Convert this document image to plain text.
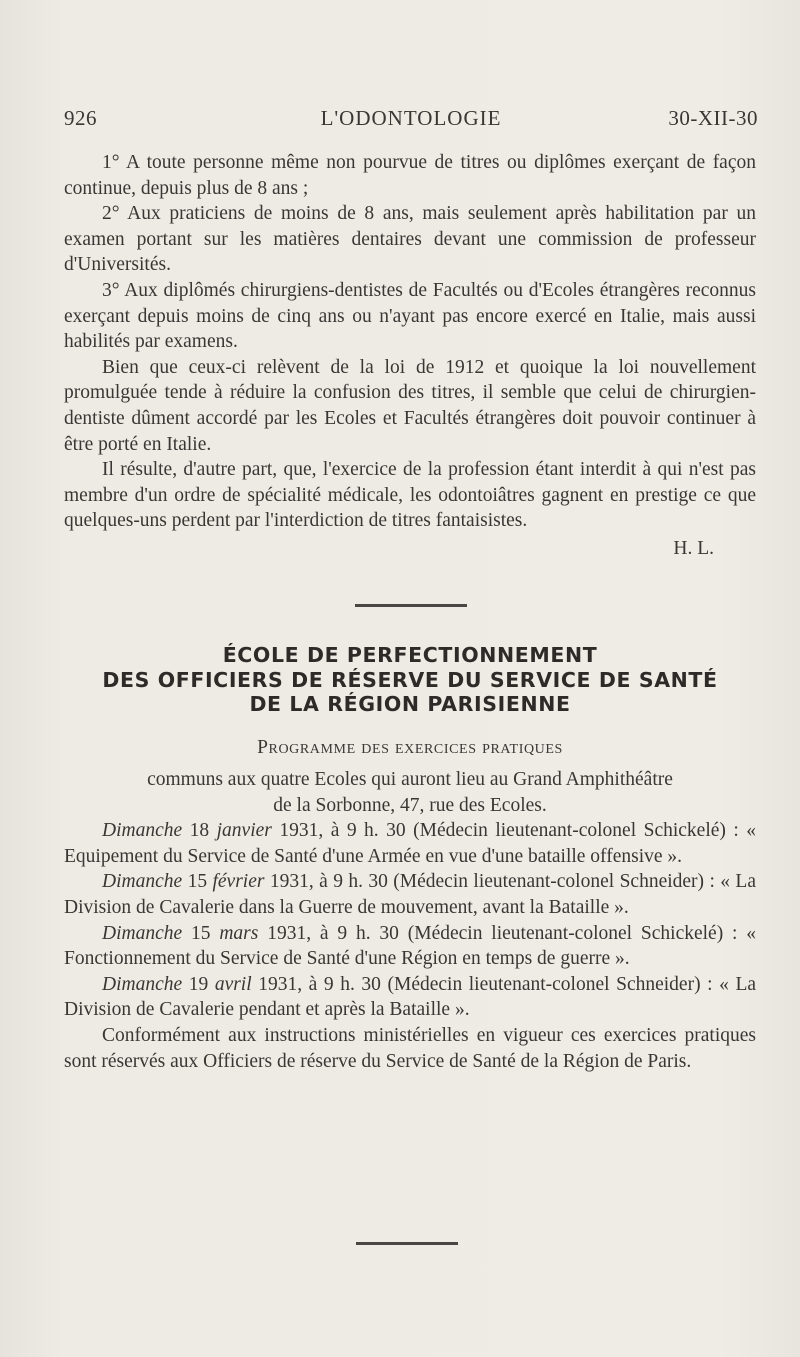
926	L'ODONTOLOGIE	30-XII-30

1° A toute personne même non pourvue de titres ou diplômes exerçant de façon continue, depuis plus de 8 ans ;

2° Aux praticiens de moins de 8 ans, mais seulement après habilitation par un examen portant sur les matières dentaires devant une commission de professeur d'Universités.

3° Aux diplômés chirurgiens-dentistes de Facultés ou d'Ecoles étrangères reconnus exerçant depuis moins de cinq ans ou n'ayant pas encore exercé en Italie, mais aussi habilités par examens.

Bien que ceux-ci relèvent de la loi de 1912 et quoique la loi nouvellement promulguée tende à réduire la confusion des titres, il semble que celui de chirurgien-dentiste dûment accordé par les Ecoles et Facultés étrangères doit pouvoir continuer à être porté en Italie.

Il résulte, d'autre part, que, l'exercice de la profession étant interdit à qui n'est pas membre d'un ordre de spécialité médicale, les odontoiâtres gagnent en prestige ce que quelques-uns perdent par l'interdiction de titres fantaisistes.

H. L.

ÉCOLE DE PERFECTIONNEMENT
DES OFFICIERS DE RÉSERVE DU SERVICE DE SANTÉ
DE LA RÉGION PARISIENNE
Programme des exercices pratiques

communs aux quatre Ecoles qui auront lieu au Grand Amphithéâtre

de la Sorbonne, 47, rue des Ecoles.

Dimanche 18 janvier 1931, à 9 h. 30 (Médecin lieutenant-colonel Schickelé) : « Equipement du Service de Santé d'une Armée en vue d'une bataille offensive ».

Dimanche 15 février 1931, à 9 h. 30 (Médecin lieutenant-colonel Schneider) : « La Division de Cavalerie dans la Guerre de mouvement, avant la Bataille ».

Dimanche 15 mars 1931, à 9 h. 30 (Médecin lieutenant-colonel Schickelé) : « Fonctionnement du Service de Santé d'une Région en temps de guerre ».

Dimanche 19 avril 1931, à 9 h. 30 (Médecin lieutenant-colonel Schneider) : « La Division de Cavalerie pendant et après la Bataille ».

Conformément aux instructions ministérielles en vigueur ces exercices pratiques sont réservés aux Officiers de réserve du Service de Santé de la Région de Paris.
